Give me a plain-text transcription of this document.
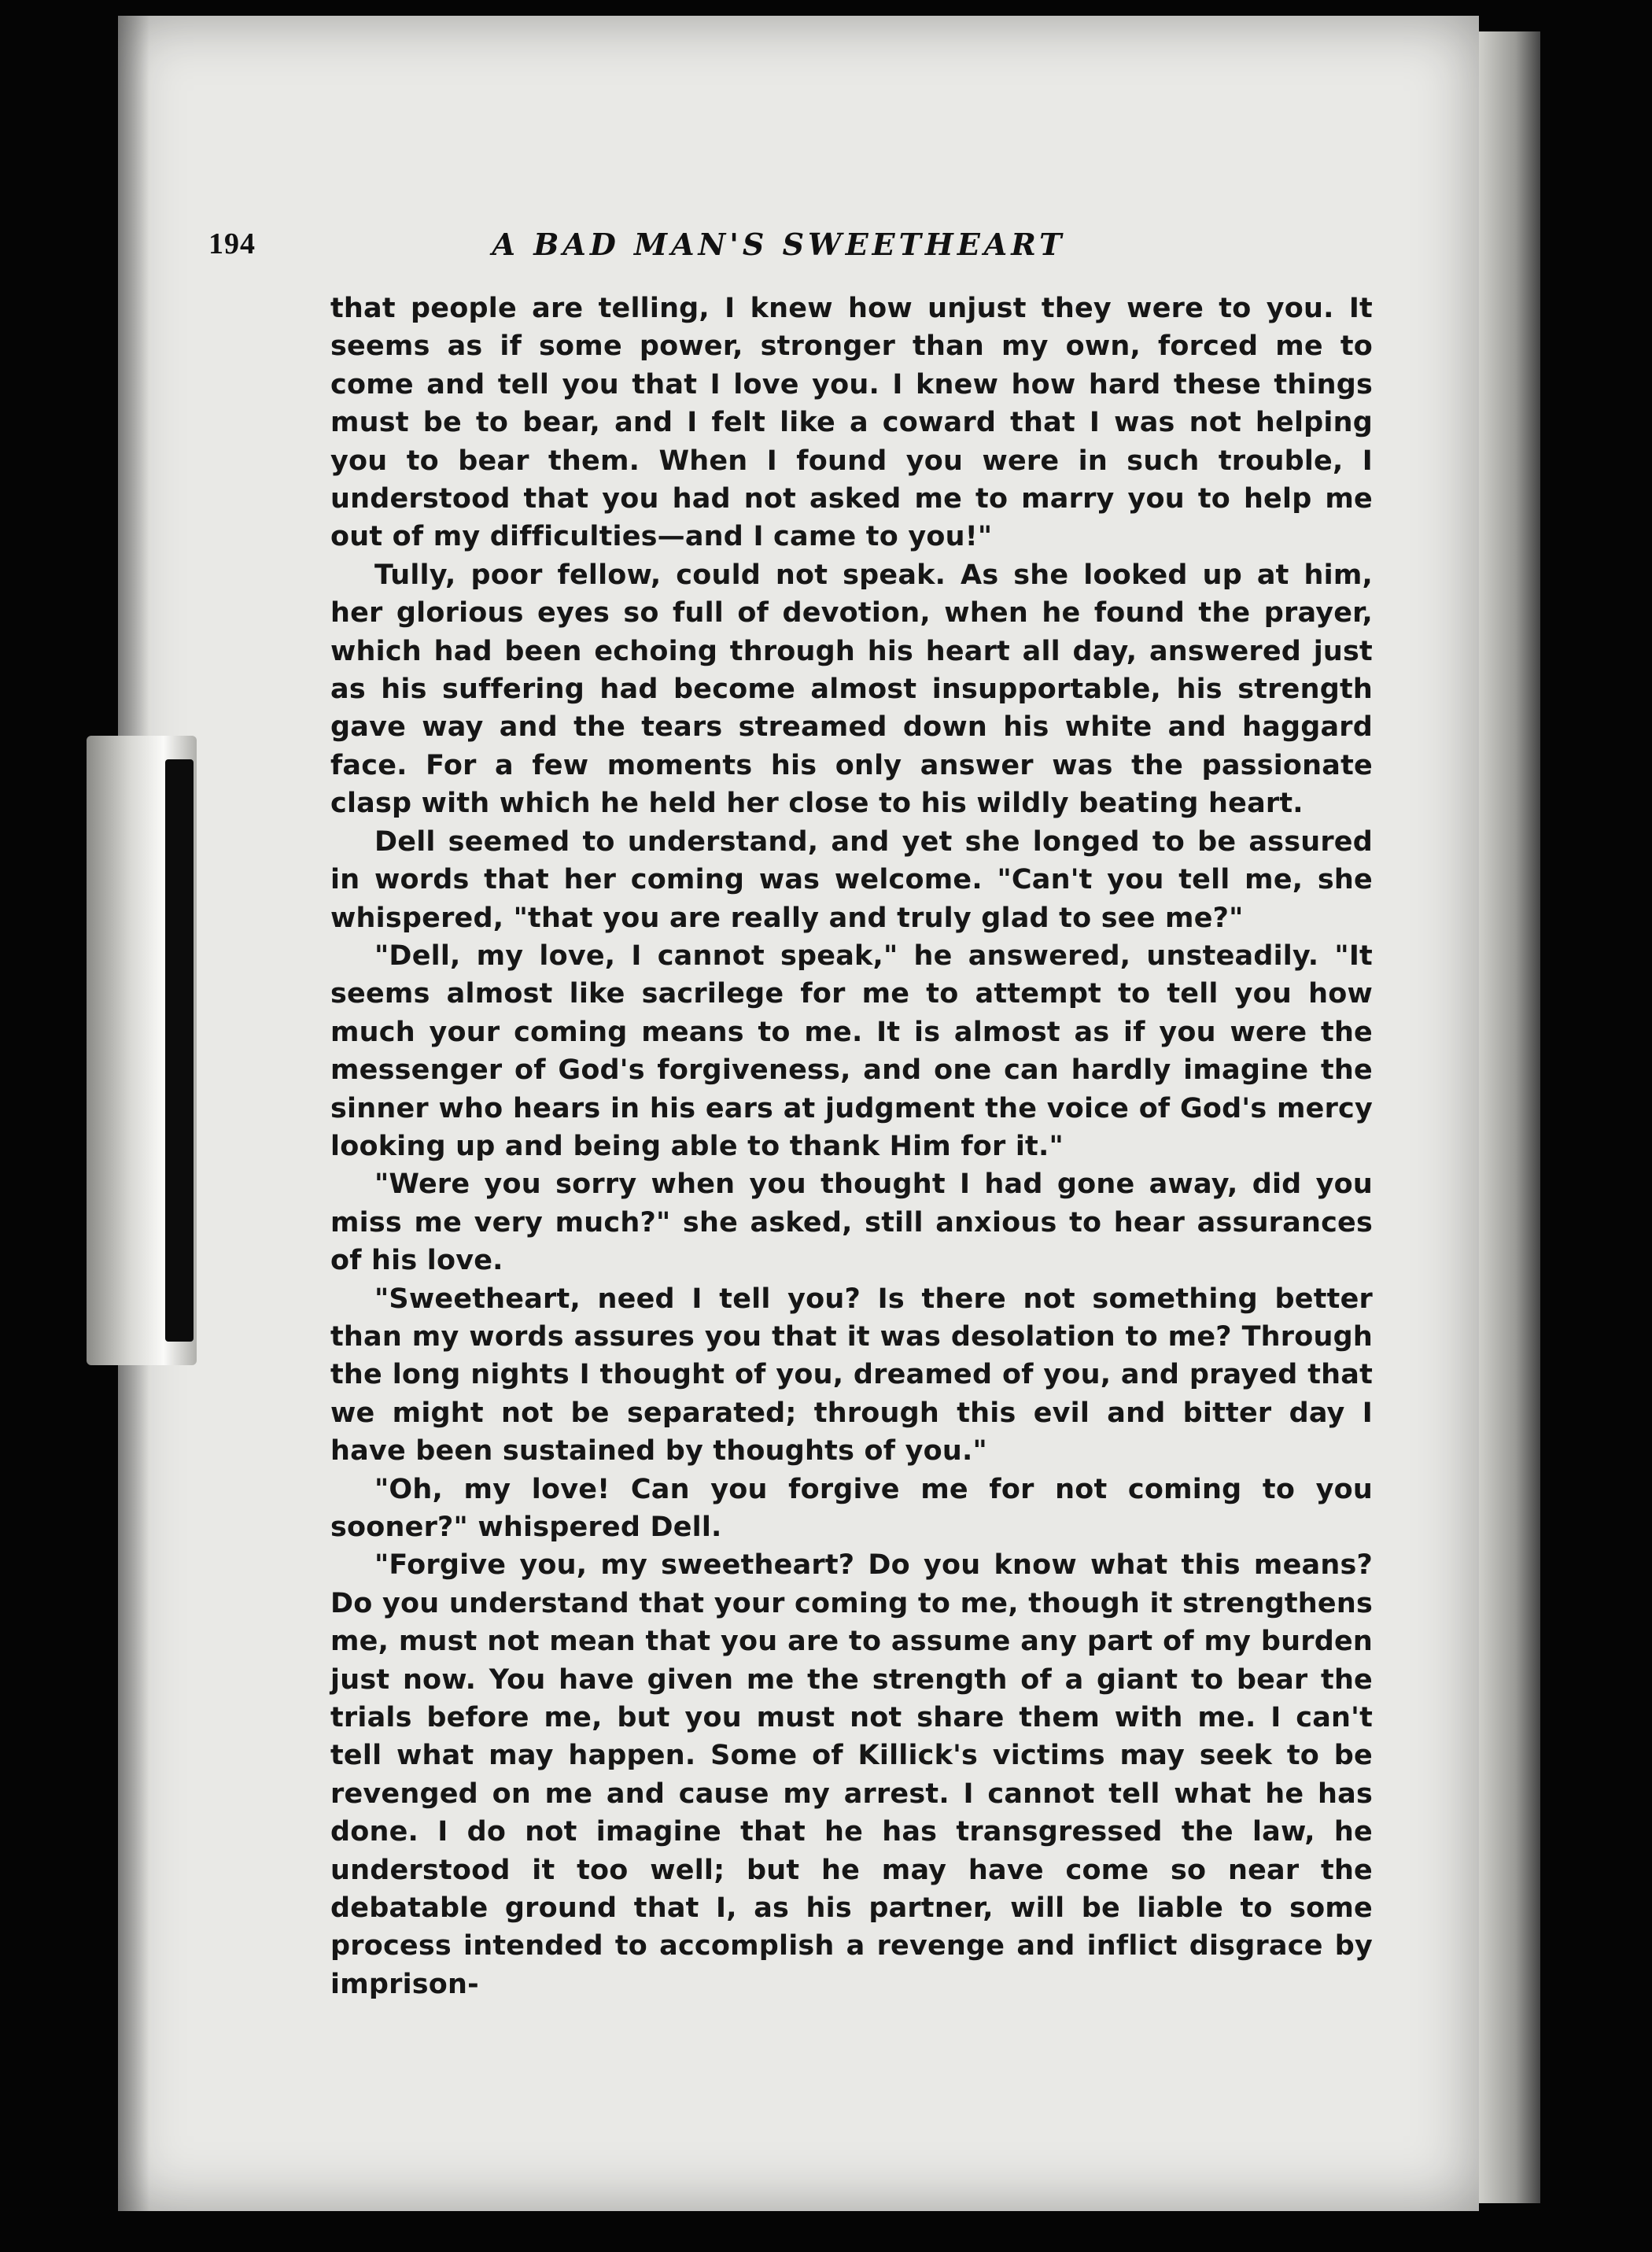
194	A BAD MAN'S SWEETHEART

that people are telling, I knew how unjust they were to you. It seems as if some power, stronger than my own, forced me to come and tell you that I love you. I knew how hard these things must be to bear, and I felt like a coward that I was not helping you to bear them. When I found you were in such trouble, I understood that you had not asked me to marry you to help me out of my difficulties—and I came to you!"

Tully, poor fellow, could not speak. As she looked up at him, her glorious eyes so full of devotion, when he found the prayer, which had been echoing through his heart all day, answered just as his suffering had become almost insupportable, his strength gave way and the tears streamed down his white and haggard face. For a few moments his only answer was the passionate clasp with which he held her close to his wildly beating heart.

Dell seemed to understand, and yet she longed to be assured in words that her coming was welcome. "Can't you tell me, she whispered, "that you are really and truly glad to see me?"

"Dell, my love, I cannot speak," he answered, unsteadily. "It seems almost like sacrilege for me to attempt to tell you how much your coming means to me. It is almost as if you were the messenger of God's forgiveness, and one can hardly imagine the sinner who hears in his ears at judgment the voice of God's mercy looking up and being able to thank Him for it."

"Were you sorry when you thought I had gone away, did you miss me very much?" she asked, still anxious to hear assurances of his love.

"Sweetheart, need I tell you? Is there not something better than my words assures you that it was desolation to me? Through the long nights I thought of you, dreamed of you, and prayed that we might not be separated; through this evil and bitter day I have been sustained by thoughts of you."

"Oh, my love! Can you forgive me for not coming to you sooner?" whispered Dell.

"Forgive you, my sweetheart? Do you know what this means? Do you understand that your coming to me, though it strengthens me, must not mean that you are to assume any part of my burden just now. You have given me the strength of a giant to bear the trials before me, but you must not share them with me. I can't tell what may happen. Some of Killick's victims may seek to be revenged on me and cause my arrest. I cannot tell what he has done. I do not imagine that he has transgressed the law, he understood it too well; but he may have come so near the debatable ground that I, as his partner, will be liable to some process intended to accomplish a revenge and inflict disgrace by imprison-
